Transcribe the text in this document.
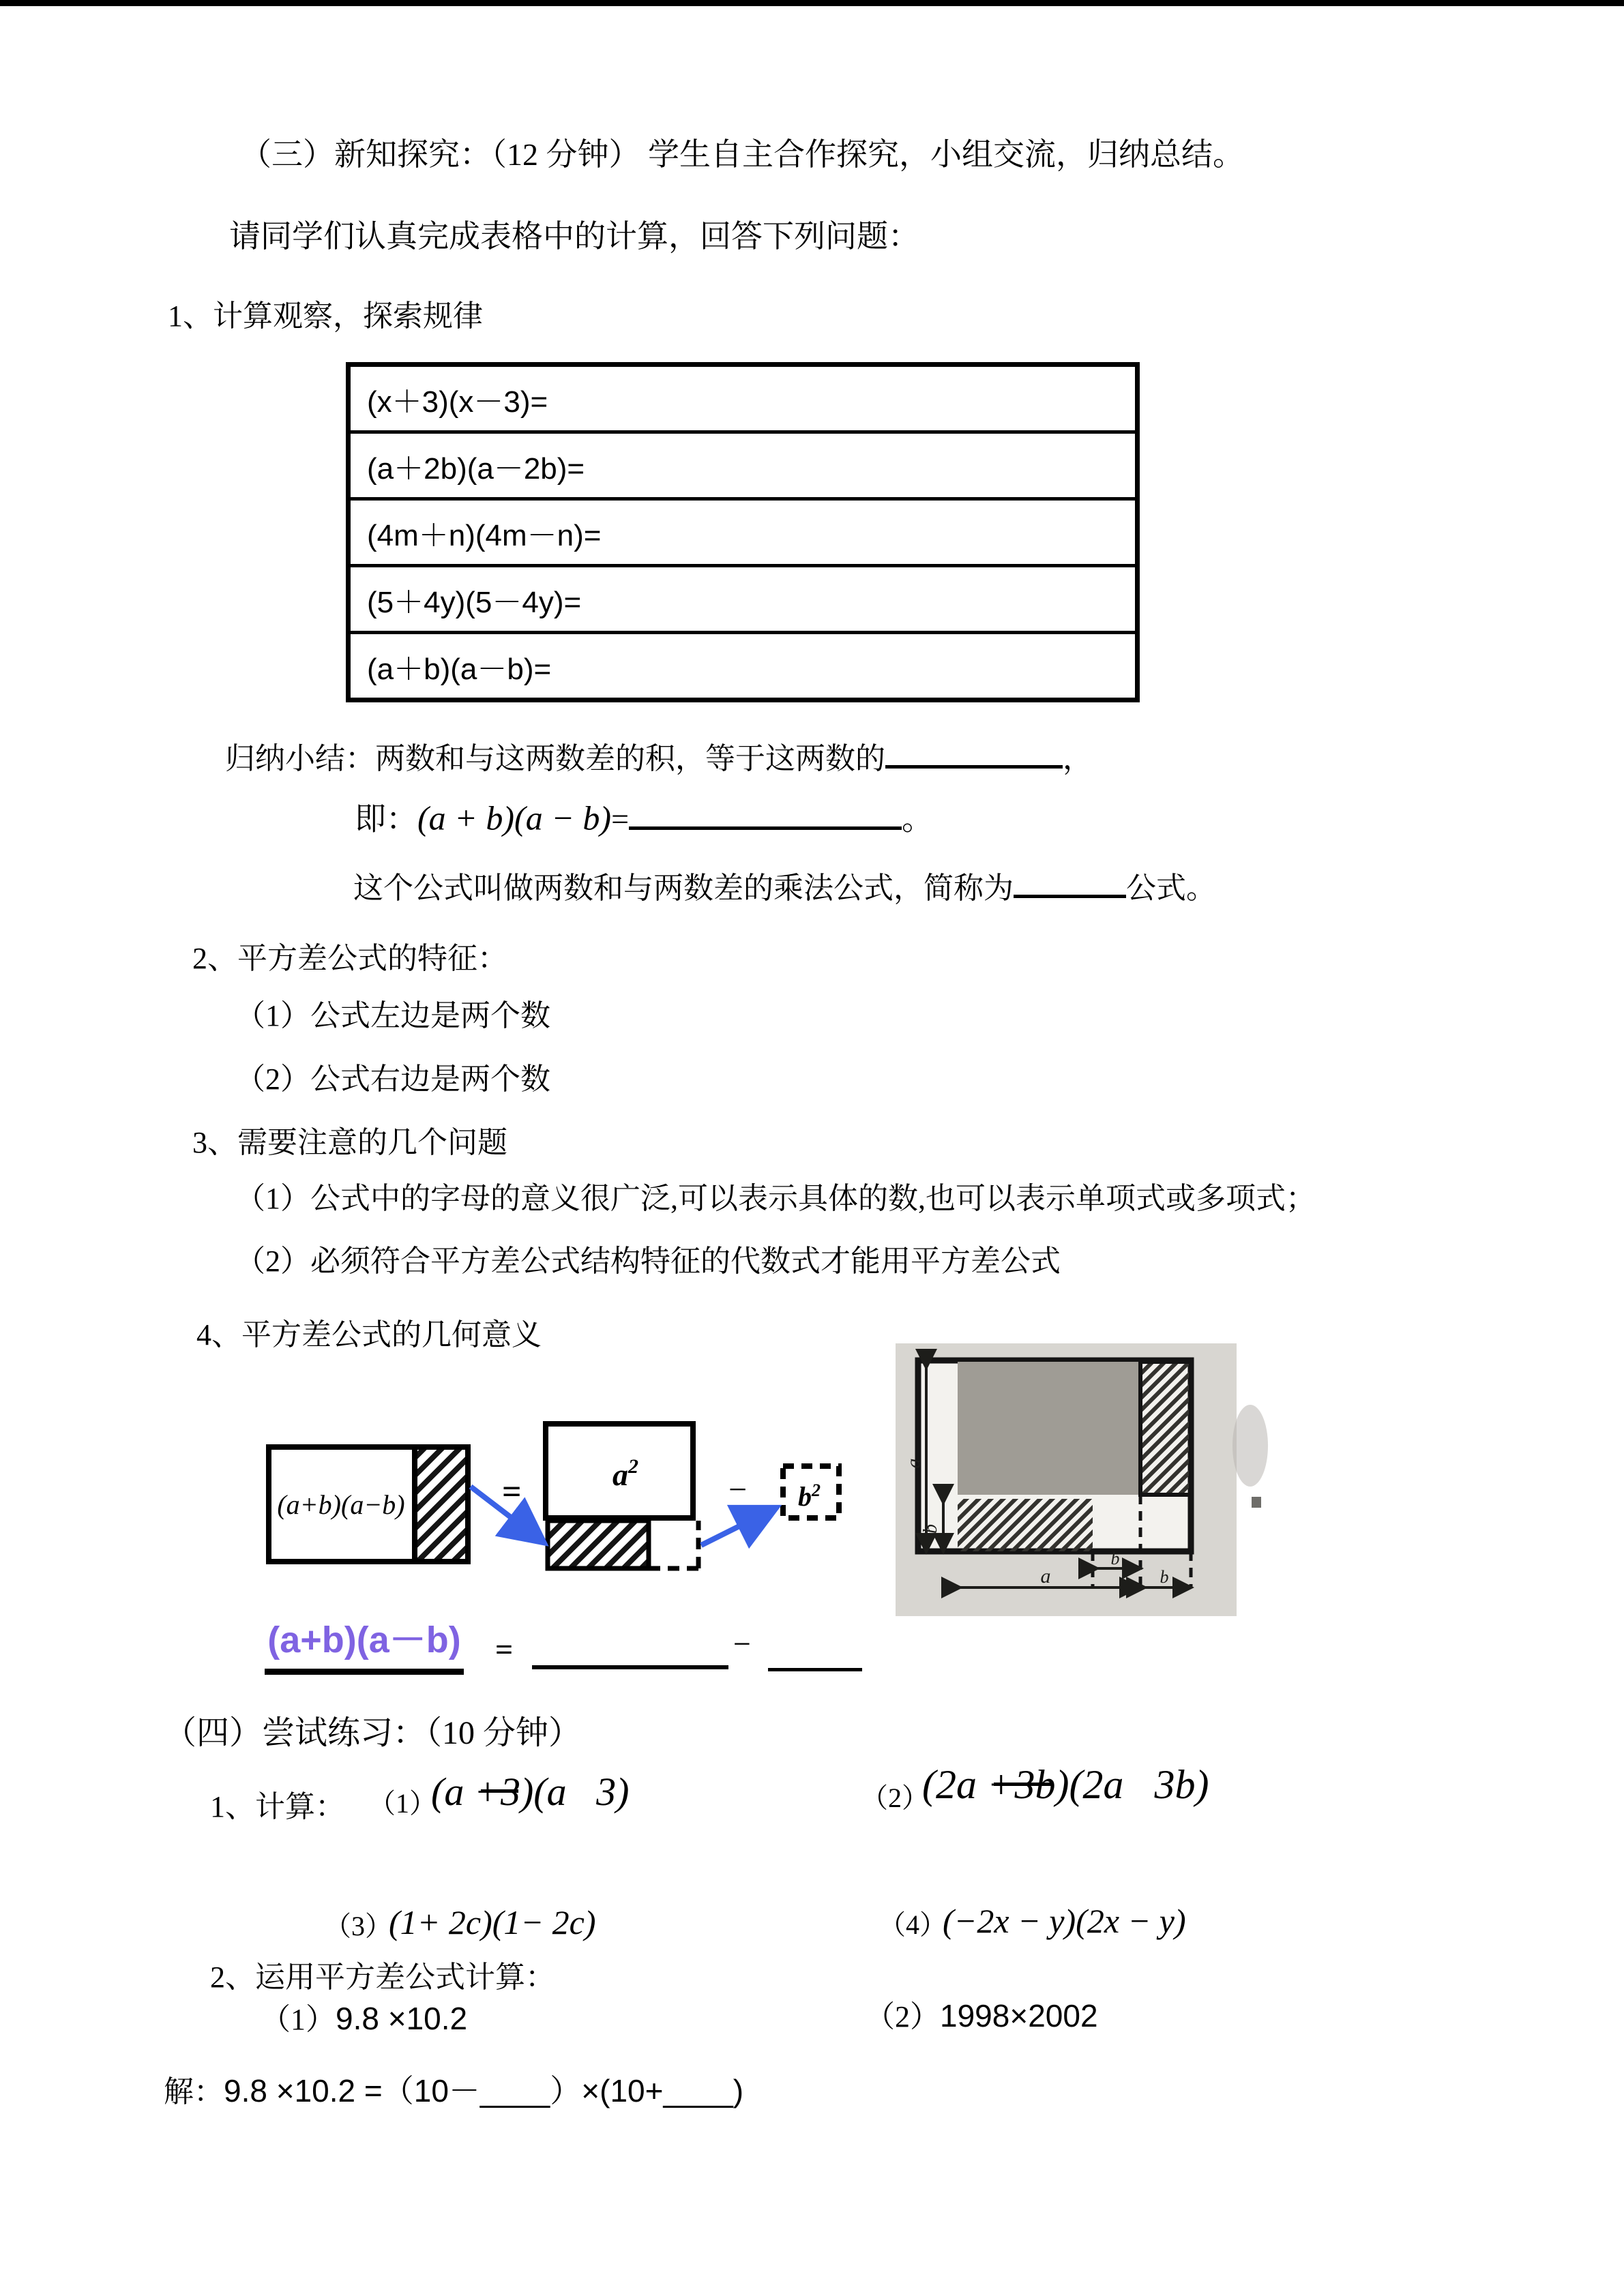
（三）新知探究：（12 分钟） 学生自主合作探究，小组交流，归纳总结。
请同学们认真完成表格中的计算，回答下列问题：
1、计算观察，探索规律
(x＋3)(x－3)=
(a＋2b)(a－2b)=
(4m＋n)(4m－n)=
(5＋4y)(5－4y)=
(a＋b)(a－b)=
归纳小结：两数和与这两数差的积，等于这两数的	，
即：(a + b)(a − b)=	。
这个公式叫做两数和与两数差的乘法公式，简称为	公式。
2、平方差公式的特征：
（1）公式左边是两个数
（2）公式右边是两个数
3、需要注意的几个问题
（1）公式中的字母的意义很广泛,可以表示具体的数,也可以表示单项式或多项式；
（2）必须符合平方差公式结构特征的代数式才能用平方差公式
4、平方差公式的几何意义
(a+b)(a−b)	=	$a^2$
− $b^2$
a
b
a
b
b
(a+b)(a－b) =	−
（四）尝试练习：（10 分钟）
1、计算： （1）
(a +3)(a 3)	（2）
(2a +3b)(2a 3b)
（3）
(1+ 2c)(1− 2c)	（4）
(−2x − y)(2x − y)
2、运用平方差公式计算：
（1）9.8 ×10.2	（2）1998×2002
解：9.8 ×10.2 =（10－____）×(10+____)
